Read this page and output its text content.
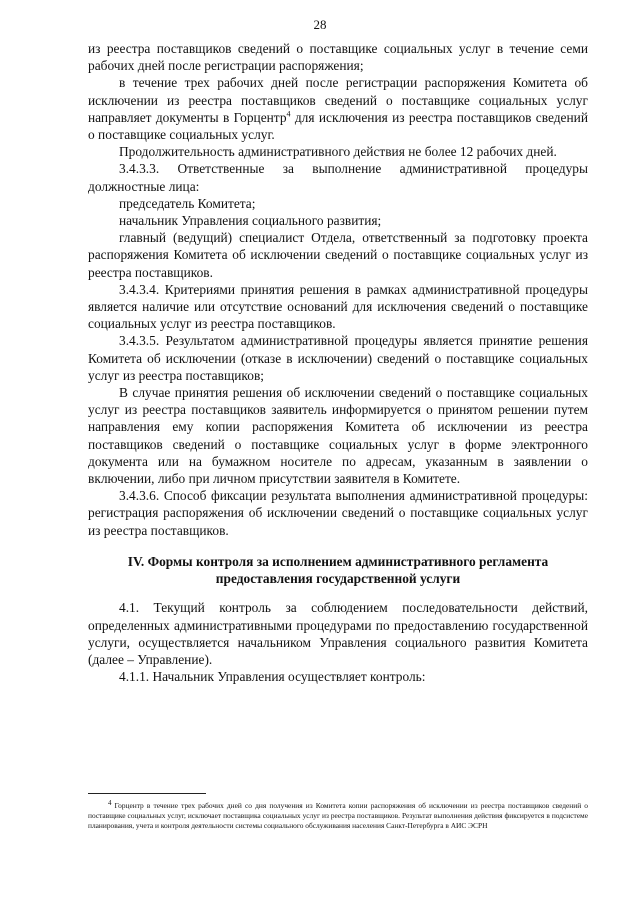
28

из реестра поставщиков сведений о поставщике социальных услуг в течение семи рабочих дней после регистрации распоряжения;

в течение трех рабочих дней после регистрации распоряжения Комитета об исключении из реестра поставщиков сведений о поставщике социальных услуг направляет документы в Горцентр$^4$ для исключения из реестра поставщиков сведений о поставщике социальных услуг.

Продолжительность административного действия не более 12 рабочих дней.

3.4.3.3. Ответственные за выполнение административной процедуры должностные лица:

председатель Комитета;

начальник Управления социального развития;

главный (ведущий) специалист Отдела, ответственный за подготовку проекта распоряжения Комитета об исключении сведений о поставщике социальных услуг из реестра поставщиков.

3.4.3.4. Критериями принятия решения в рамках административной процедуры является наличие или отсутствие оснований для исключения сведений о поставщике социальных услуг из реестра поставщиков.

3.4.3.5. Результатом административной процедуры является принятие решения Комитета об исключении (отказе в исключении) сведений о поставщике социальных услуг из реестра поставщиков;

В случае принятия решения об исключении сведений о поставщике социальных услуг из реестра поставщиков заявитель информируется о принятом решении путем направления ему копии распоряжения Комитета об исключении из реестра поставщиков сведений о поставщике социальных услуг в форме электронного документа или на бумажном носителе по адресам, указанным в заявлении о включении, либо при личном присутствии заявителя в Комитете.

3.4.3.6. Способ фиксации результата выполнения административной процедуры: регистрация распоряжения об исключении сведений о поставщике социальных услуг из реестра поставщиков.

IV. Формы контроля за исполнением административного регламента
предоставления государственной услуги

4.1. Текущий контроль за соблюдением последовательности действий, определенных административными процедурами по предоставлению государственной услуги, осуществляется начальником Управления социального развития Комитета (далее – Управление).

4.1.1. Начальник Управления осуществляет контроль:

4 Горцентр в течение трех рабочих дней со дня получения из Комитета копии распоряжения об исключении из реестра поставщиков сведений о поставщике социальных услуг, исключает поставщика социальных услуг из реестра поставщиков. Результат выполнения действия фиксируется в подсистеме планирования, учета и контроля деятельности системы социального обслуживания населения Санкт-Петербурга в АИС ЭСРН
